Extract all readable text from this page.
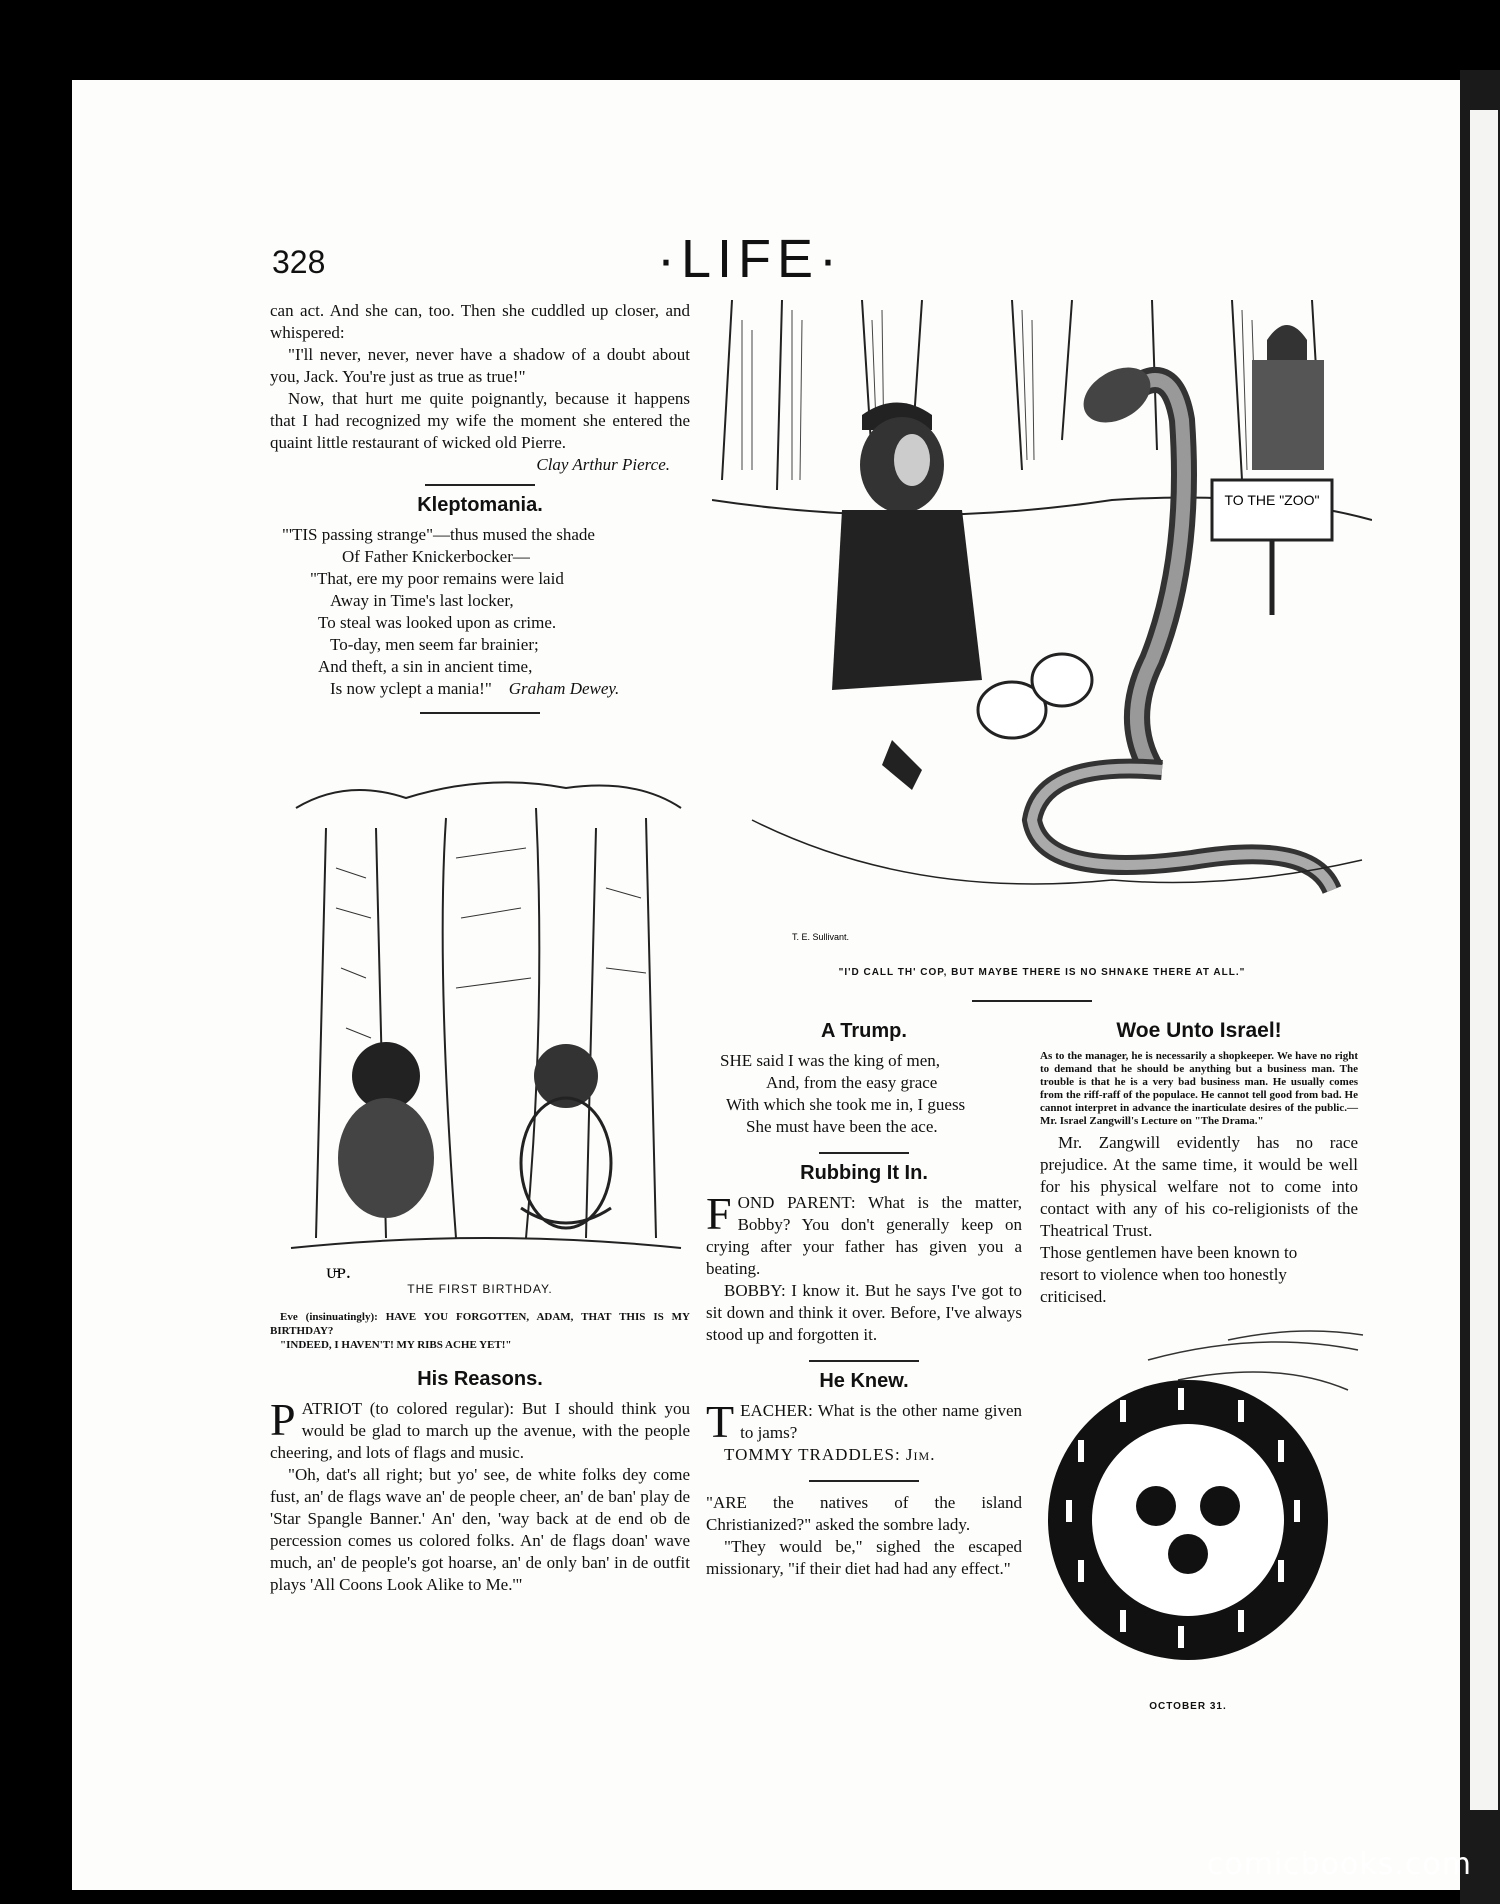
328	·LIFE·

can act. And she can, too. Then she cuddled up closer, and whispered:

"I'll never, never, never have a shadow of a doubt about you, Jack. You're just as true as true!"

Now, that hurt me quite poignantly, because it happens that I had recognized my wife the moment she entered the quaint little restaurant of wicked old Pierre.

Clay Arthur Pierce.

Kleptomania.
"'TIS passing strange"—thus mused the shade
Of Father Knickerbocker—
"That, ere my poor remains were laid
Away in Time's last locker,
To steal was looked upon as crime.
To-day, men seem far brainier;
And theft, a sin in ancient time,
Is now yclept a mania!" Graham Dewey.
ᴜ̵ᴘ.
THE FIRST BIRTHDAY.

Eve (insinuatingly): HAVE YOU FORGOTTEN, ADAM, THAT THIS IS MY BIRTHDAY?

"INDEED, I HAVEN'T! MY RIBS ACHE YET!"

His Reasons.

PATRIOT (to colored regular): But I should think you would be glad to march up the avenue, with the people cheering, and lots of flags and music.

"Oh, dat's all right; but yo' see, de white folks dey come fust, an' de flags wave an' de people cheer, an' de ban' play de 'Star Spangle Banner.' An' den, 'way back at de end ob de percession comes us colored folks. An' de flags doan' wave much, an' de people's got hoarse, an' de only ban' in de outfit plays 'All Coons Look Alike to Me.'"

TO THE "ZOO"
T. E. Sullivant.
"I'D CALL TH' COP, BUT MAYBE THERE IS NO SHNAKE THERE AT ALL."
A Trump.
SHE said I was the king of men,
And, from the easy grace
With which she took me in, I guess
She must have been the ace.
Rubbing It In.

FOND PARENT: What is the matter, Bobby? You don't generally keep on crying after your father has given you a beating.

BOBBY: I know it. But he says I've got to sit down and think it over. Before, I've always stood up and forgotten it.

He Knew.

TEACHER: What is the other name given to jams?

TOMMY TRADDLES: Jim.

"ARE the natives of the island Christianized?" asked the sombre lady.

"They would be," sighed the escaped missionary, "if their diet had had any effect."

Woe Unto Israel!

As to the manager, he is necessarily a shopkeeper. We have no right to demand that he should be anything but a business man. The trouble is that he is a very bad business man. He usually comes from the riff-raff of the populace. He cannot tell good from bad. He cannot interpret in advance the inarticulate desires of the public.—Mr. Israel Zangwill's Lecture on "The Drama."

Mr. Zangwill evidently has no race prejudice. At the same time, it would be well for his physical welfare not to come into contact with any of his co-religionists of the Theatrical Trust.

Those gentlemen have been known to resort to violence when too honestly criticised.

OCTOBER 31.
comicbooks.com
